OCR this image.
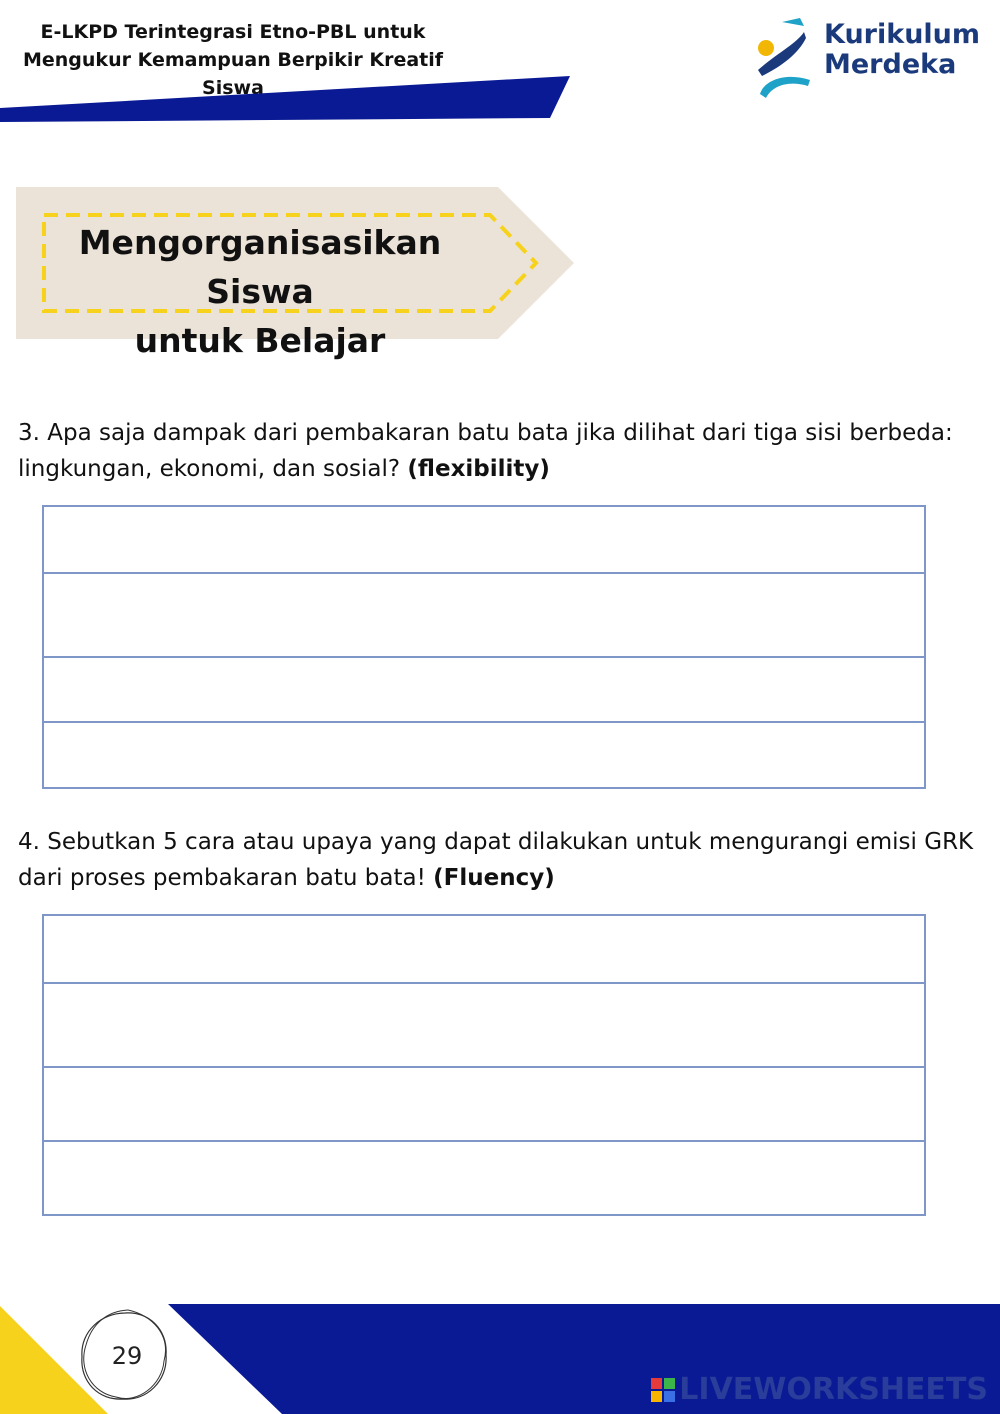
E-LKPD Terintegrasi Etno-PBL untuk
Mengukur Kemampuan Berpikir Kreatif Siswa
Kurikulum
Merdeka
Mengorganisasikan Siswa
untuk Belajar
3. Apa saja dampak dari pembakaran batu bata jika dilihat dari tiga sisi berbeda: lingkungan, ekonomi, dan sosial? (flexibility)
4. Sebutkan 5 cara atau upaya yang dapat dilakukan untuk mengurangi emisi GRK dari proses pembakaran batu bata! (Fluency)
29
LIVEWORKSHEETS
